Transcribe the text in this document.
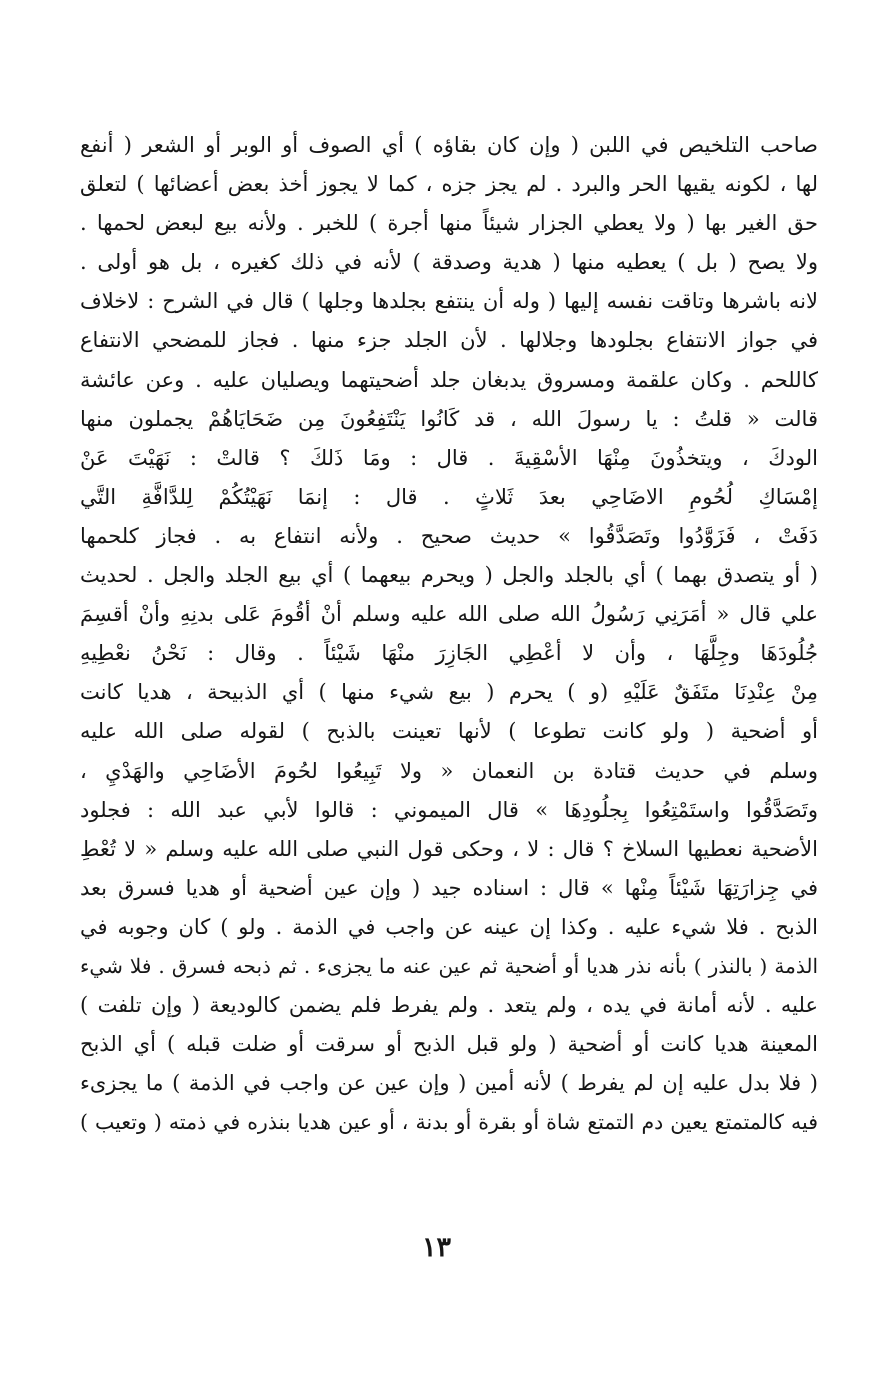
صاحب التلخيص في اللبن ( وإن كان بقاؤه ) أي الصوف أو الوبر أو الشعر ( أنفع
لها ، لكونه يقيها الحر والبرد . لم يجز جزه ، كما لا يجوز أخذ بعض أعضائها ) لتعلق
حق الغير بها ( ولا يعطي الجزار شيئاً منها أجرة ) للخبر . ولأنه بيع لبعض لحمها .
ولا يصح ( بل ) يعطيه منها ( هدية وصدقة ) لأنه في ذلك كغيره ، بل هو أولى .
لانه باشرها وتاقت نفسه إليها ( وله أن ينتفع بجلدها وجلها ) قال في الشرح : لاخلاف
في جواز الانتفاع بجلودها وجلالها . لأن الجلد جزء منها . فجاز للمضحي الانتفاع
كاللحم . وكان علقمة ومسروق يدبغان جلد أضحيتهما ويصليان عليه . وعن عائشة
قالت « قلتُ : يا رسولَ الله ، قد كَانُوا يَنْتَفِعُونَ مِن ضَحَايَاهُمْ يجملون منها
الودكَ ، ويتخذُونَ مِنْهَا الأسْقِيةَ . قال : ومَا ذَلكَ ؟ قالتْ : نَهَيْتَ عَنْ
إمْسَاكِ لُحُومِ الاضَاحِي بعدَ ثَلاثٍ . قال : إنمَا نَهَيْتُكُمْ لِلدَّافَّةِ التَّي
دَفَتْ ، فَزَوَّدُوا وتَصَدَّقُوا » حديث صحيح . ولأنه انتفاع به . فجاز كلحمها
( أو يتصدق بهما ) أي بالجلد والجل ( ويحرم بيعهما ) أي بيع الجلد والجل . لحديث
علي قال « أمَرَنِي رَسُولُ الله صلى الله عليه وسلم أنْ أقُومَ عَلى بدنِهِ وأنْ أقسِمَ
جُلُودَهَا وجِلَّهَا ، وأن لا أعْطِي الجَازِرَ منْهَا شَيْئاً . وقال : نَحْنُ نعْطِيهِ
مِنْ عِنْدِنَا متَفَقٌ عَلَيْهِ (و ) يحرم ( بيع شيء منها ) أي الذبيحة ، هديا كانت
أو أضحية ( ولو كانت تطوعا ) لأنها تعينت بالذبح ) لقوله صلى الله عليه
وسلم في حديث قتادة بن النعمان « ولا تَبِيعُوا لحُومَ الأضَاحِي والهَدْيِ ،
وتَصَدَّقُوا واستَمْتِعُوا بِجلُودِهَا » قال الميموني : قالوا لأبي عبد الله : فجلود
الأضحية نعطيها السلاخ ؟ قال : لا ، وحكى قول النبي صلى الله عليه وسلم « لا تُعْطِ
في جِزارَتِهَا شَيْئاً مِنْها » قال : اسناده جيد ( وإن عين أضحية أو هديا فسرق بعد
الذبح . فلا شيء عليه . وكذا إن عينه عن واجب في الذمة . ولو ) كان وجوبه في
الذمة ( بالنذر ) بأنه نذر هديا أو أضحية ثم عين عنه ما يجزىء . ثم ذبحه فسرق . فلا شيء
عليه . لأنه أمانة في يده ، ولم يتعد . ولم يفرط فلم يضمن كالوديعة ( وإن تلفت )
المعينة هديا كانت أو أضحية ( ولو قبل الذبح أو سرقت أو ضلت قبله ) أي الذبح
( فلا بدل عليه إن لم يفرط ) لأنه أمين ( وإن عين عن واجب في الذمة ) ما يجزىء
فيه كالمتمتع يعين دم التمتع شاة أو بقرة أو بدنة ، أو عين هديا بنذره في ذمته ( وتعيب )
١٣
